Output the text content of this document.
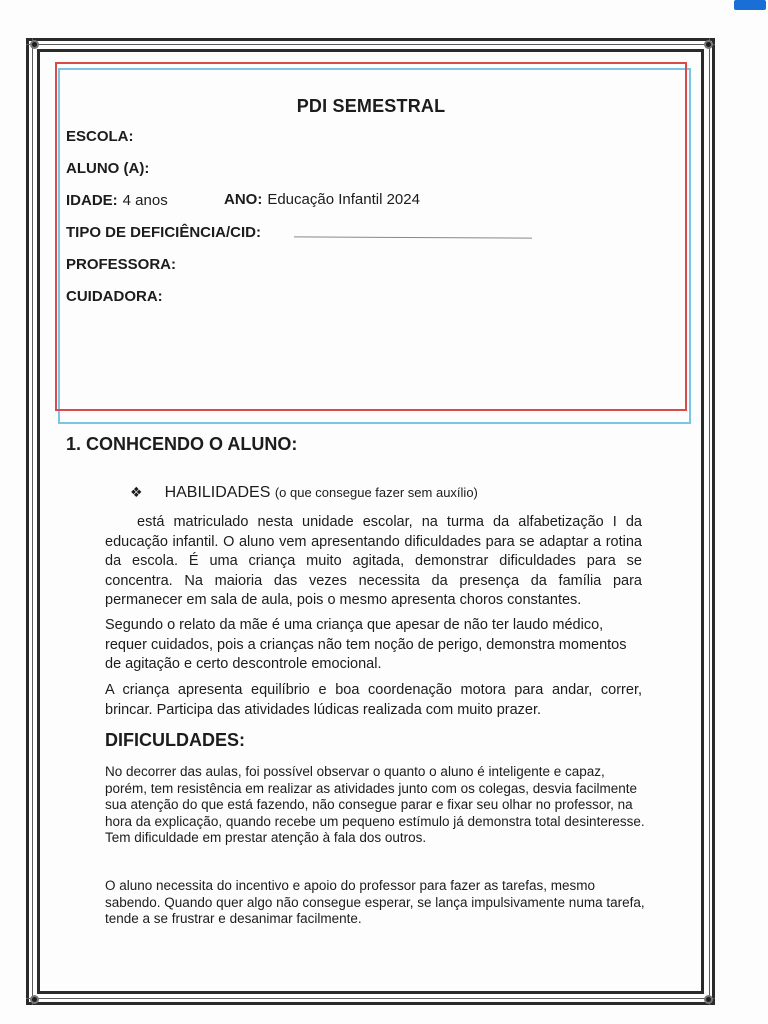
PDI SEMESTRAL
ESCOLA:
ALUNO (A):
IDADE: 4 anos	ANO: Educação Infantil 2024
TIPO DE DEFICIÊNCIA/CID:
PROFESSORA:
CUIDADORA:
1. CONHCENDO O ALUNO:
❖ HABILIDADES (o que consegue fazer sem auxílio)
está matriculado nesta unidade escolar, na turma da alfabetização I da educação infantil. O aluno vem apresentando dificuldades para se adaptar a rotina da escola. É uma criança muito agitada, demonstrar dificuldades para se concentra. Na maioria das vezes necessita da presença da família para permanecer em sala de aula, pois o mesmo apresenta choros constantes.
Segundo o relato da mãe é uma criança que apesar de não ter laudo médico, requer cuidados, pois a crianças não tem noção de perigo, demonstra momentos de agitação e certo descontrole emocional.
A criança apresenta equilíbrio e boa coordenação motora para andar, correr, brincar. Participa das atividades lúdicas realizada com muito prazer.
DIFICULDADES:
No decorrer das aulas, foi possível observar o quanto o aluno é inteligente e capaz, porém, tem resistência em realizar as atividades junto com os colegas, desvia facilmente sua atenção do que está fazendo, não consegue parar e fixar seu olhar no professor, na hora da explicação, quando recebe um pequeno estímulo já demonstra total desinteresse. Tem dificuldade em prestar atenção à fala dos outros.
O aluno necessita do incentivo e apoio do professor para fazer as tarefas, mesmo sabendo. Quando quer algo não consegue esperar, se lança impulsivamente numa tarefa, tende a se frustrar e desanimar facilmente.
